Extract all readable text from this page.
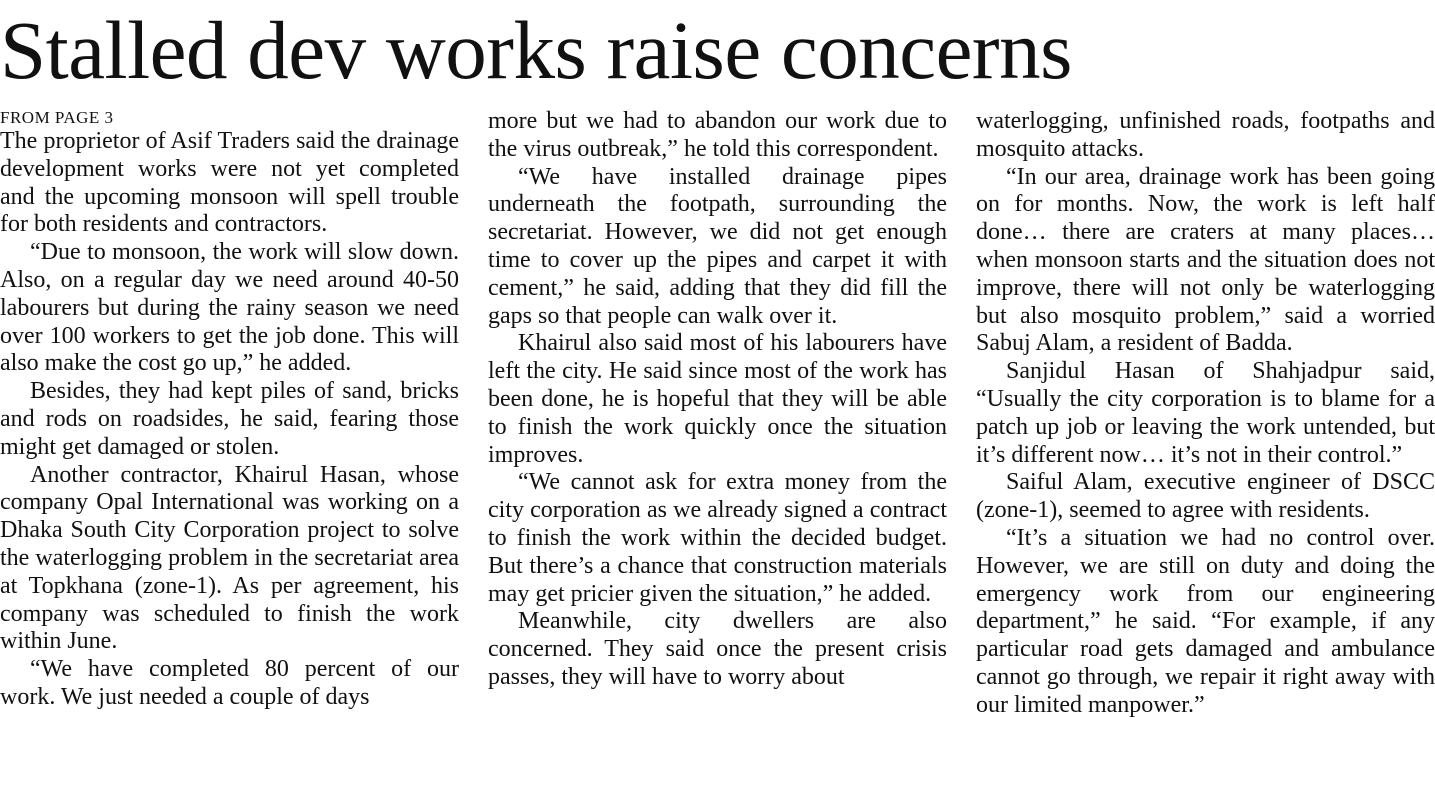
Stalled dev works raise concerns
FROM PAGE 3

The proprietor of Asif Traders said the drainage development works were not yet completed and the upcoming monsoon will spell trouble for both residents and contractors.

“Due to monsoon, the work will slow down. Also, on a regular day we need around 40-50 labourers but during the rainy season we need over 100 workers to get the job done. This will also make the cost go up,” he added.

Besides, they had kept piles of sand, bricks and rods on roadsides, he said, fearing those might get damaged or stolen.

Another contractor, Khairul Hasan, whose company Opal International was working on a Dhaka South City Corporation project to solve the waterlogging problem in the secretariat area at Topkhana (zone-1). As per agreement, his company was scheduled to finish the work within June.

“We have completed 80 percent of our work. We just needed a couple of days

more but we had to abandon our work due to the virus outbreak,” he told this correspondent.

“We have installed drainage pipes underneath the footpath, surrounding the secretariat. However, we did not get enough time to cover up the pipes and carpet it with cement,” he said, adding that they did fill the gaps so that people can walk over it.

Khairul also said most of his labourers have left the city. He said since most of the work has been done, he is hopeful that they will be able to finish the work quickly once the situation improves.

“We cannot ask for extra money from the city corporation as we already signed a contract to finish the work within the decided budget. But there’s a chance that construction materials may get pricier given the situation,” he added.

Meanwhile, city dwellers are also concerned. They said once the present crisis passes, they will have to worry about

waterlogging, unfinished roads, footpaths and mosquito attacks.

“In our area, drainage work has been going on for months. Now, the work is left half done… there are craters at many places… when monsoon starts and the situation does not improve, there will not only be waterlogging but also mosquito problem,” said a worried Sabuj Alam, a resident of Badda.

Sanjidul Hasan of Shahjadpur said, “Usually the city corporation is to blame for a patch up job or leaving the work untended, but it’s different now… it’s not in their control.”

Saiful Alam, executive engineer of DSCC (zone-1), seemed to agree with residents.

“It’s a situation we had no control over. However, we are still on duty and doing the emergency work from our engineering department,” he said. “For example, if any particular road gets damaged and ambulance cannot go through, we repair it right away with our limited manpower.”
